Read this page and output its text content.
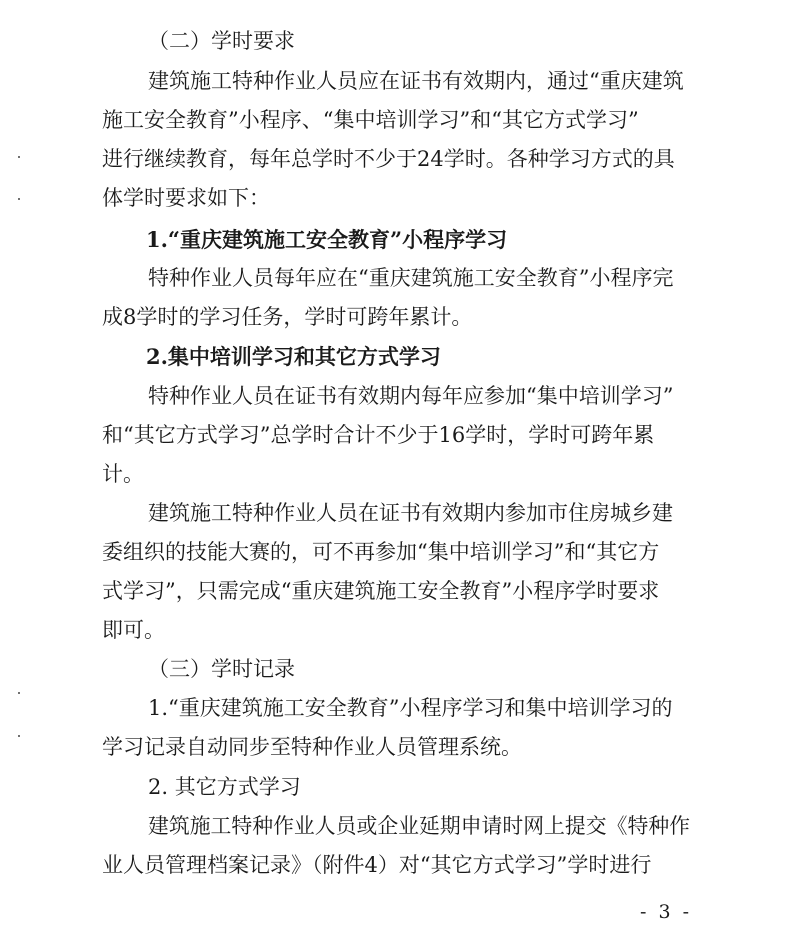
（二）学时要求
建筑施工特种作业人员应在证书有效期内，通过“重庆建筑
施工安全教育”小程序、“集中培训学习”和“其它方式学习”
进行继续教育，每年总学时不少于24学时。各种学习方式的具
体学时要求如下：
1.“重庆建筑施工安全教育”小程序学习
特种作业人员每年应在“重庆建筑施工安全教育”小程序完
成8学时的学习任务，学时可跨年累计。
2.集中培训学习和其它方式学习
特种作业人员在证书有效期内每年应参加“集中培训学习”
和“其它方式学习”总学时合计不少于16学时，学时可跨年累
计。
建筑施工特种作业人员在证书有效期内参加市住房城乡建
委组织的技能大赛的，可不再参加“集中培训学习”和“其它方
式学习”，只需完成“重庆建筑施工安全教育”小程序学时要求
即可。
（三）学时记录
1.“重庆建筑施工安全教育”小程序学习和集中培训学习的
学习记录自动同步至特种作业人员管理系统。
2. 其它方式学习
建筑施工特种作业人员或企业延期申请时网上提交《特种作
业人员管理档案记录》（附件4）对“其它方式学习”学时进行
- 3 -
